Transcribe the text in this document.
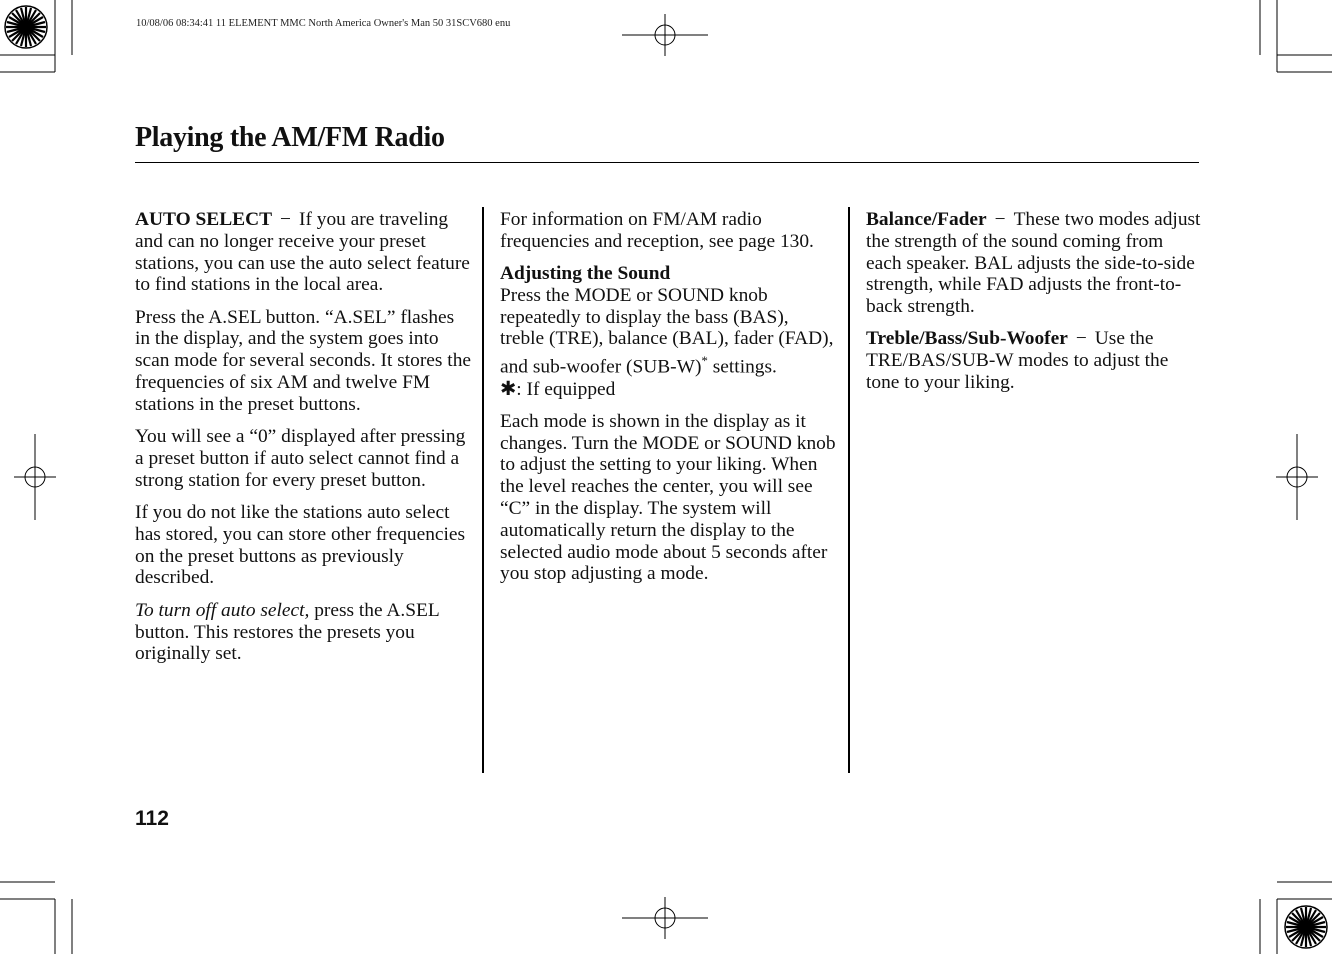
10/08/06 08:34:41 11 ELEMENT MMC North America Owner's Man 50 31SCV680 enu
Playing the AM/FM Radio

AUTO SELECT − If you are traveling and can no longer receive your preset stations, you can use the auto select feature to find stations in the local area.

Press the A.SEL button. “A.SEL” flashes in the display, and the system goes into scan mode for several seconds. It stores the frequencies of six AM and twelve FM stations in the preset buttons.

You will see a “0” displayed after pressing a preset button if auto select cannot find a strong station for every preset button.

If you do not like the stations auto select has stored, you can store other frequencies on the preset buttons as previously described.

To turn off auto select, press the A.SEL button. This restores the presets you originally set.

For information on FM/AM radio frequencies and reception, see page 130.

Adjusting the Sound

Press the MODE or SOUND knob repeatedly to display the bass (BAS), treble (TRE), balance (BAL), fader (FAD), and sub-woofer (SUB-W)* settings.

✱: If equipped

Each mode is shown in the display as it changes. Turn the MODE or SOUND knob to adjust the setting to your liking. When the level reaches the center, you will see “C” in the display. The system will automatically return the display to the selected audio mode about 5 seconds after you stop adjusting a mode.

Balance/Fader − These two modes adjust the strength of the sound coming from each speaker. BAL adjusts the side-to-side strength, while FAD adjusts the front-to-back strength.

Treble/Bass/Sub-Woofer − Use the TRE/BAS/SUB-W modes to adjust the tone to your liking.

112
